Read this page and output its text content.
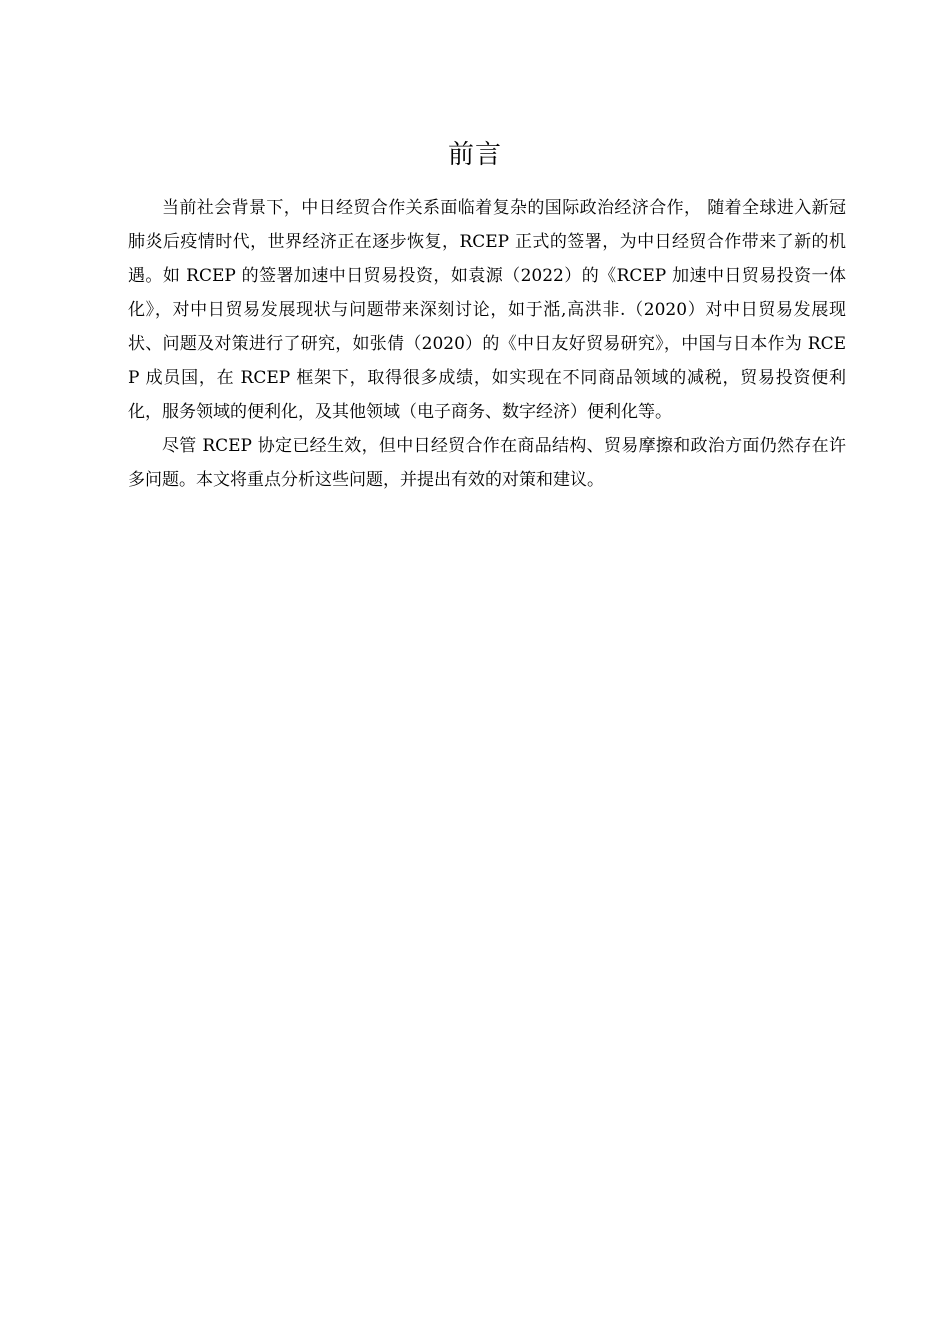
前言

当前社会背景下，中日经贸合作关系面临着复杂的国际政治经济合作， 随着全球进入新冠肺炎后疫情时代，世界经济正在逐步恢复，RCEP 正式的签署，为中日经贸合作带来了新的机遇。如 RCEP 的签署加速中日贸易投资，如袁源（2022）的《RCEP 加速中日贸易投资一体化》，对中日贸易发展现状与问题带来深刻讨论，如于湉,高洪非.（2020）对中日贸易发展现状、问题及对策进行了研究，如张倩（2020）的《中日友好贸易研究》，中国与日本作为 RCEP 成员国，在 RCEP 框架下，取得很多成绩，如实现在不同商品领域的减税，贸易投资便利化，服务领域的便利化，及其他领域（电子商务、数字经济）便利化等。

尽管 RCEP 协定已经生效，但中日经贸合作在商品结构、贸易摩擦和政治方面仍然存在许多问题。本文将重点分析这些问题，并提出有效的对策和建议。
